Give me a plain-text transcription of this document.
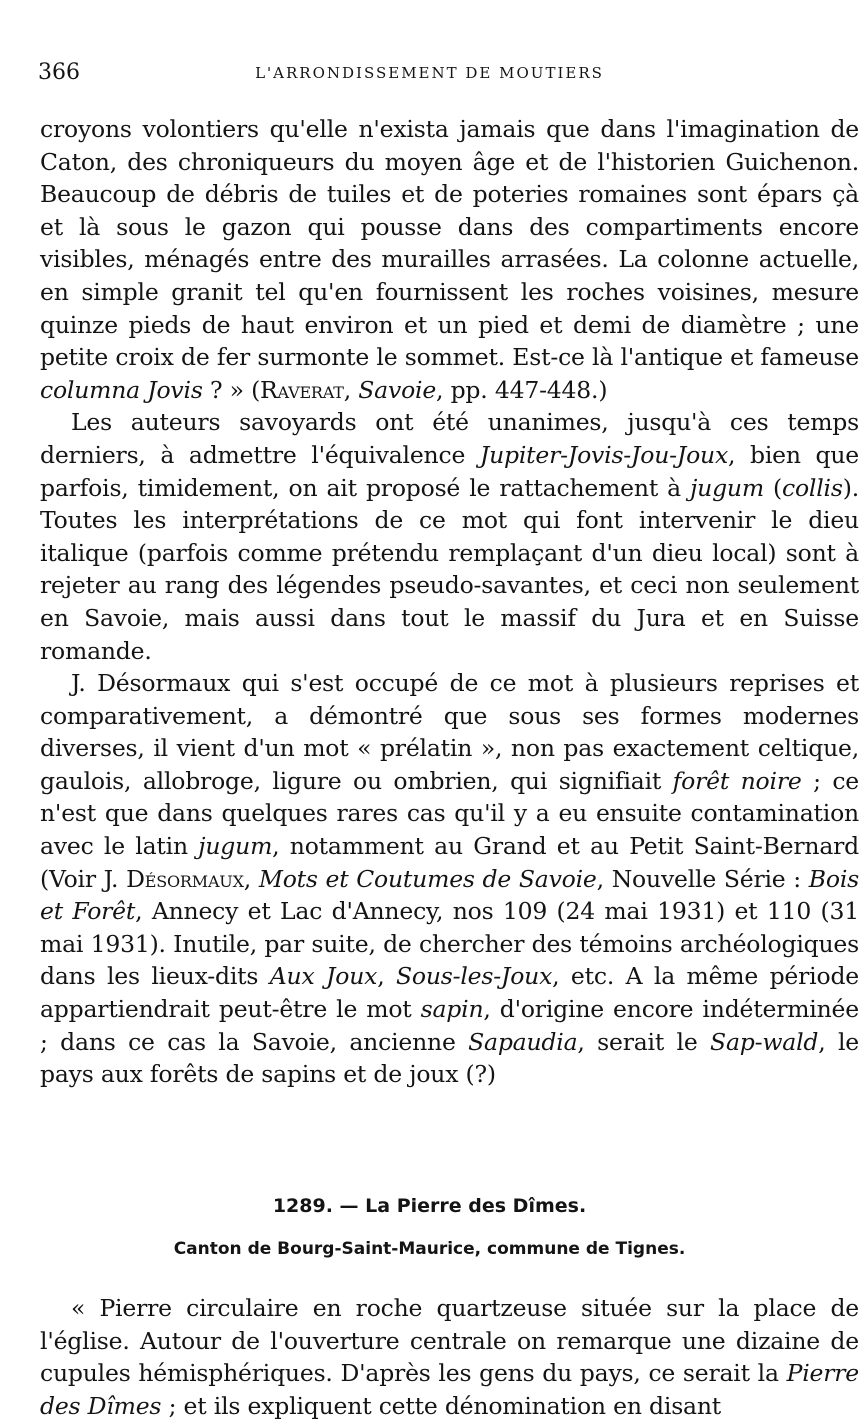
366	L'ARRONDISSEMENT DE MOUTIERS

croyons volontiers qu'elle n'exista jamais que dans l'imagination de Caton, des chroniqueurs du moyen âge et de l'historien Guichenon. Beaucoup de débris de tuiles et de poteries romaines sont épars çà et là sous le gazon qui pousse dans des compartiments encore visibles, ménagés entre des murailles arrasées. La colonne actuelle, en simple granit tel qu'en fournissent les roches voisines, mesure quinze pieds de haut environ et un pied et demi de diamètre ; une petite croix de fer surmonte le sommet. Est-ce là l'antique et fameuse columna Jovis ? » (Raverat, Savoie, pp. 447-448.)

Les auteurs savoyards ont été unanimes, jusqu'à ces temps derniers, à admettre l'équivalence Jupiter-Jovis-Jou-Joux, bien que parfois, timidement, on ait proposé le rattachement à jugum (collis). Toutes les interprétations de ce mot qui font intervenir le dieu italique (parfois comme prétendu remplaçant d'un dieu local) sont à rejeter au rang des légendes pseudo-savantes, et ceci non seulement en Savoie, mais aussi dans tout le massif du Jura et en Suisse romande.

J. Désormaux qui s'est occupé de ce mot à plusieurs reprises et comparativement, a démontré que sous ses formes modernes diverses, il vient d'un mot « prélatin », non pas exactement celtique, gaulois, allobroge, ligure ou ombrien, qui signifiait forêt noire ; ce n'est que dans quelques rares cas qu'il y a eu ensuite contamination avec le latin jugum, notamment au Grand et au Petit Saint-Bernard (Voir J. Désormaux, Mots et Coutumes de Savoie, Nouvelle Série : Bois et Forêt, Annecy et Lac d'Annecy, nos 109 (24 mai 1931) et 110 (31 mai 1931). Inutile, par suite, de chercher des témoins archéologiques dans les lieux-dits Aux Joux, Sous-les-Joux, etc. A la même période appartiendrait peut-être le mot sapin, d'origine encore indéterminée ; dans ce cas la Savoie, ancienne Sapaudia, serait le Sap-wald, le pays aux forêts de sapins et de joux (?)

1289. — La Pierre des Dîmes.
Canton de Bourg-Saint-Maurice, commune de Tignes.

« Pierre circulaire en roche quartzeuse située sur la place de l'église. Autour de l'ouverture centrale on remarque une dizaine de cupules hémisphériques. D'après les gens du pays, ce serait la Pierre des Dîmes ; et ils expliquent cette dénomination en disant
